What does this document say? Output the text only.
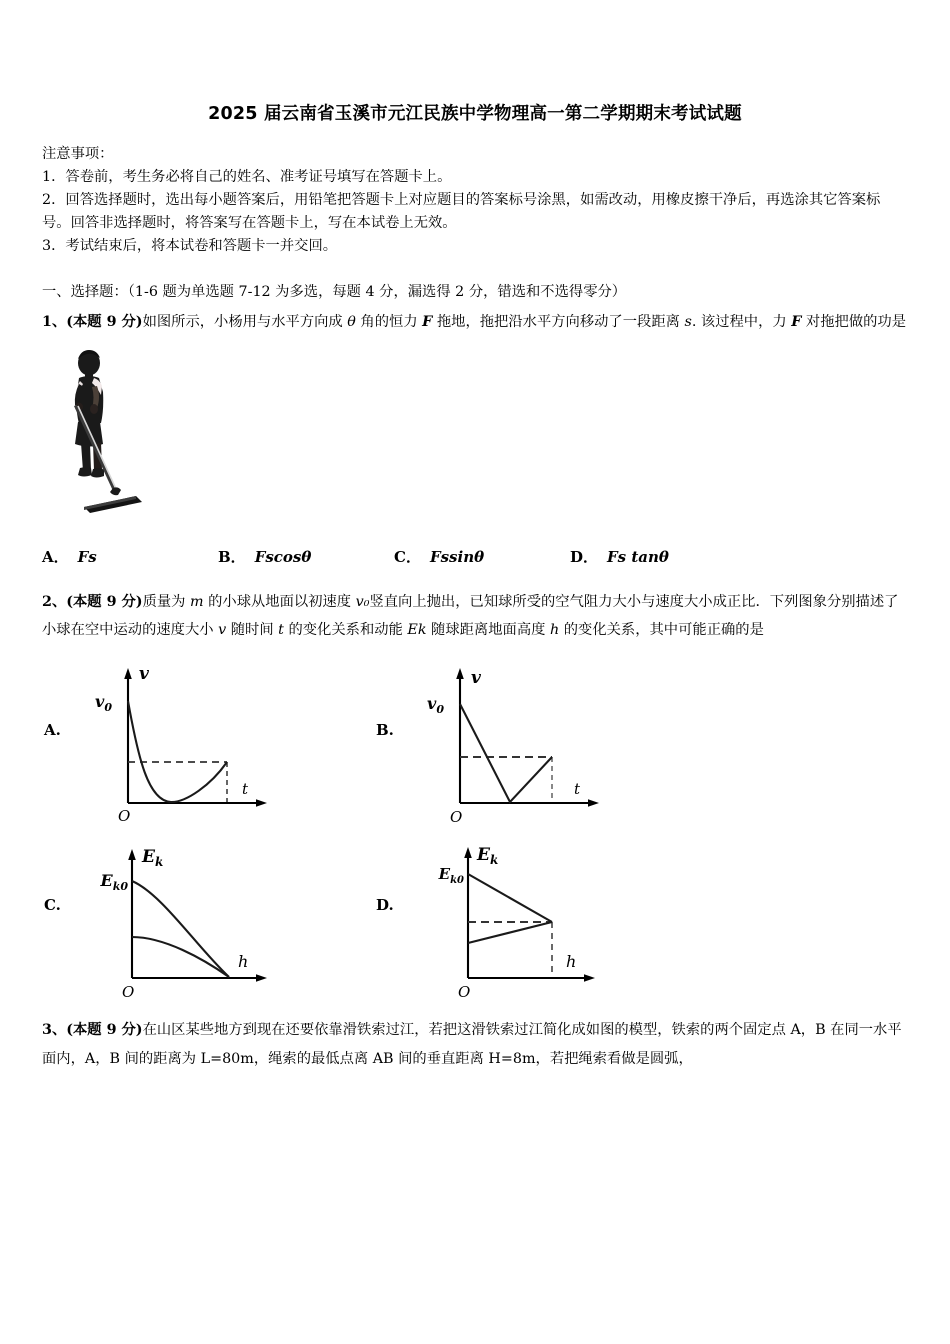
2025 届云南省玉溪市元江民族中学物理高一第二学期期末考试试题
注意事项：
1．答卷前，考生务必将自己的姓名、准考证号填写在答题卡上。
2．回答选择题时，选出每小题答案后，用铅笔把答题卡上对应题目的答案标号涂黑，如需改动，用橡皮擦干净后，再选涂其它答案标号。回答非选择题时，将答案写在答题卡上，写在本试卷上无效。
3．考试结束后，将本试卷和答题卡一并交回。
一、选择题：（1-6 题为单选题 7-12 为多选，每题 4 分，漏选得 2 分，错选和不选得零分）
1、(本题 9 分)如图所示，小杨用与水平方向成 θ 角的恒力 F 拖地，拖把沿水平方向移动了一段距离 s. 该过程中，力 F 对拖把做的功是
A． Fs	B． Fscosθ	C． Fssinθ	D． Fs tanθ
2、(本题 9 分)质量为 m 的小球从地面以初速度 v₀竖直向上抛出，已知球所受的空气阻力大小与速度大小成正比．下列图象分别描述了小球在空中运动的速度大小 v 随时间 t 的变化关系和动能 Ek 随球距离地面高度 h 的变化关系，其中可能正确的是
A.
v
t
$v_0$
O
B.
v
t
$v_0$
O
C.
$E_k$
h
$E_{k0}$
O
D.
$E_k$
h
$E_{k0}$
O
3、(本题 9 分)在山区某些地方到现在还要依靠滑铁索过江，若把这滑铁索过江简化成如图的模型，铁索的两个固定点 A，B 在同一水平面内，A，B 间的距离为 L=80m，绳索的最低点离 AB 间的垂直距离 H=8m，若把绳索看做是圆弧，
